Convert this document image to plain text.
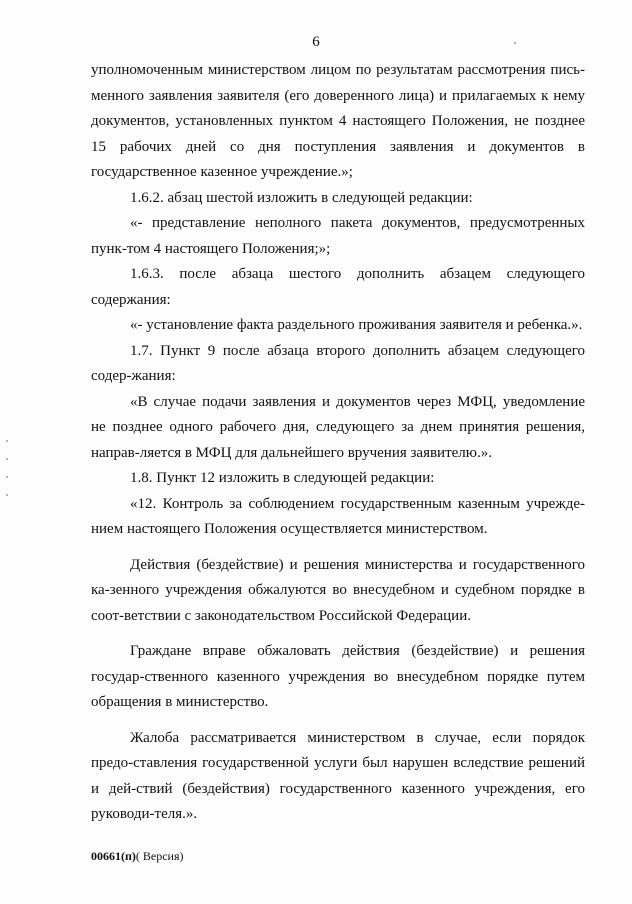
6

уполномоченным министерством лицом по результатам рассмотрения пись-менного заявления заявителя (его доверенного лица) и прилагаемых к нему документов, установленных пунктом 4 настоящего Положения, не позднее 15 рабочих дней со дня поступления заявления и документов в государственное казенное учреждение.»;

1.6.2. абзац шестой изложить в следующей редакции:

«- представление неполного пакета документов, предусмотренных пунк-том 4 настоящего Положения;»;

1.6.3. после абзаца шестого дополнить абзацем следующего содержания:

«- установление факта раздельного проживания заявителя и ребенка.».

1.7. Пункт 9 после абзаца второго дополнить абзацем следующего содер-жания:

«В случае подачи заявления и документов через МФЦ, уведомление не позднее одного рабочего дня, следующего за днем принятия решения, направ-ляется в МФЦ для дальнейшего вручения заявителю.».

1.8. Пункт 12 изложить в следующей редакции:

«12. Контроль за соблюдением государственным казенным учрежде-нием настоящего Положения осуществляется министерством.

Действия (бездействие) и решения министерства и государственного ка-зенного учреждения обжалуются во внесудебном и судебном порядке в соот-ветствии с законодательством Российской Федерации.

Граждане вправе обжаловать действия (бездействие) и решения государ-ственного казенного учреждения во внесудебном порядке путем обращения в министерство.

Жалоба рассматривается министерством в случае, если порядок предо-ставления государственной услуги был нарушен вследствие решений и дей-ствий (бездействия) государственного казенного учреждения, его руководи-теля.».

00661(п)( Версия)
